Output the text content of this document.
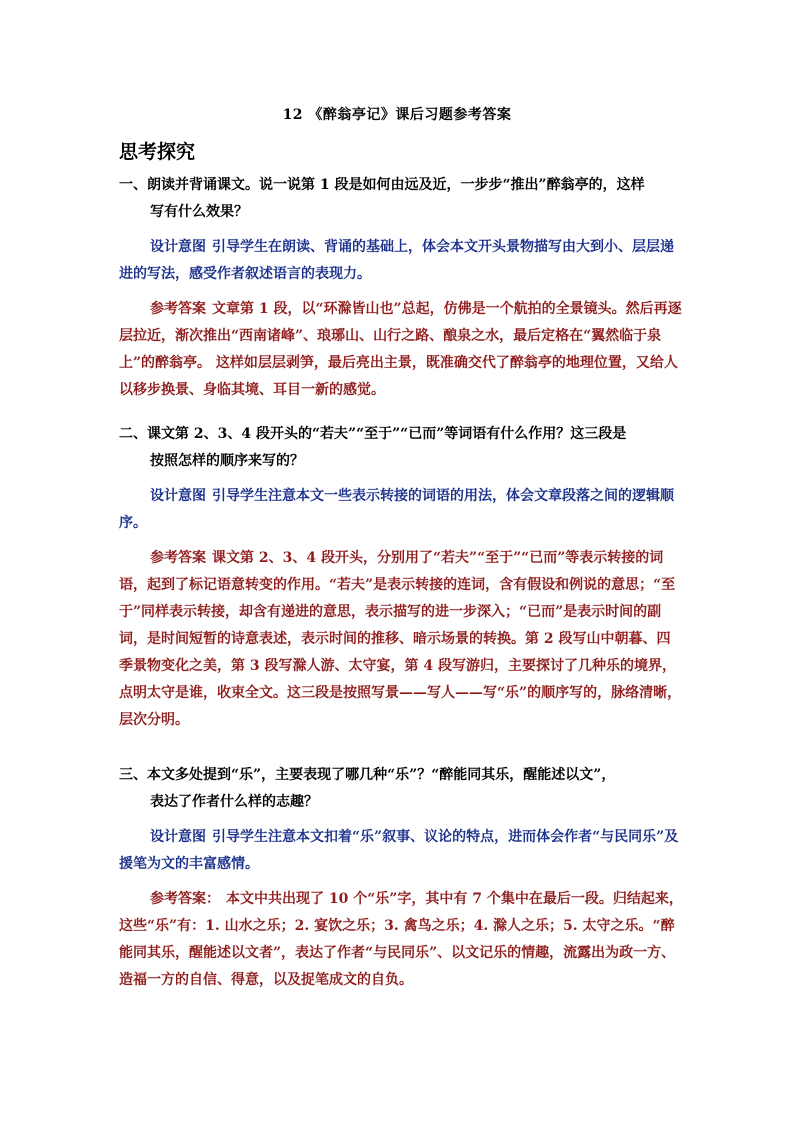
12 《醉翁亭记》课后习题参考答案
思考探究
一、朗读并背诵课文。说一说第 1 段是如何由远及近，一步步“推出”醉翁亭的，这样
写有什么效果？
设计意图 引导学生在朗读、背诵的基础上，体会本文开头景物描写由大到小、层层递进的写法，感受作者叙述语言的表现力。
参考答案 文章第 1 段，以“环滁皆山也”总起，仿佛是一个航拍的全景镜头。然后再逐层拉近，渐次推出“西南诸峰”、琅琊山、山行之路、酿泉之水，最后定格在“翼然临于泉上”的醉翁亭。 这样如层层剥笋，最后亮出主景，既准确交代了醉翁亭的地理位置，又给人以移步换景、身临其境、耳目一新的感觉。
二、课文第 2、3、4 段开头的“若夫”“至于”“已而”等词语有什么作用？这三段是
按照怎样的顺序来写的？
设计意图 引导学生注意本文一些表示转接的词语的用法，体会文章段落之间的逻辑顺序。
参考答案 课文第 2、3、4 段开头，分别用了“若夫”“至于”“已而”等表示转接的词语，起到了标记语意转变的作用。“若夫”是表示转接的连词，含有假设和例说的意思；“至于”同样表示转接，却含有递进的意思，表示描写的进一步深入；“已而”是表示时间的副词，是时间短暂的诗意表述，表示时间的推移、暗示场景的转换。第 2 段写山中朝暮、四季景物变化之美，第 3 段写滁人游、太守宴，第 4 段写游归，主要探讨了几种乐的境界，点明太守是谁，收束全文。这三段是按照写景——写人——写“乐”的顺序写的，脉络清晰，层次分明。
三、本文多处提到“乐”，主要表现了哪几种“乐”？“醉能同其乐，醒能述以文”，
表达了作者什么样的志趣？
设计意图 引导学生注意本文扣着“乐”叙事、议论的特点，进而体会作者“与民同乐”及援笔为文的丰富感情。
参考答案： 本文中共出现了 10 个“乐”字，其中有 7 个集中在最后一段。归结起来，这些“乐”有：1. 山水之乐；2. 宴饮之乐；3. 禽鸟之乐；4. 滁人之乐；5. 太守之乐。“醉能同其乐，醒能述以文者”，表达了作者“与民同乐”、以文记乐的情趣，流露出为政一方、造福一方的自信、得意，以及捉笔成文的自负。
